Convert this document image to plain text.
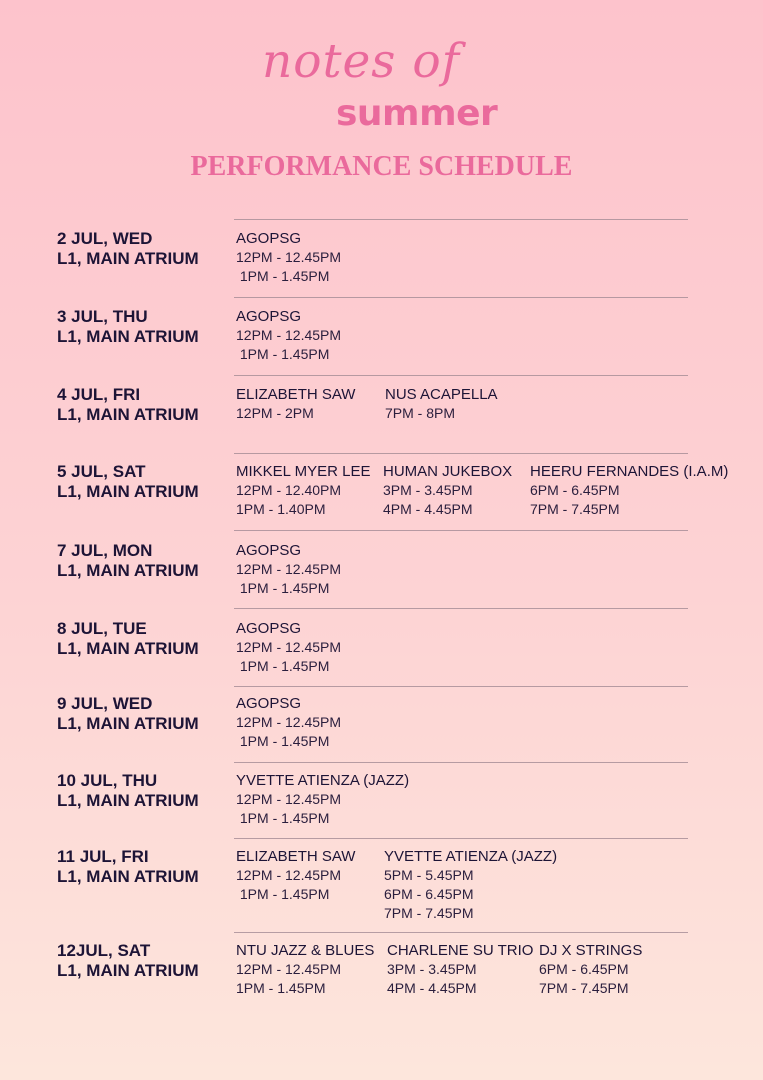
notes of
summer
PERFORMANCE SCHEDULE
2 JUL, WED
L1, MAIN ATRIUM
AGOPSG
12PM - 12.45PM
1PM - 1.45PM
3 JUL, THU
L1, MAIN ATRIUM
AGOPSG
12PM - 12.45PM
1PM - 1.45PM
4 JUL, FRI
L1, MAIN ATRIUM
ELIZABETH SAW
12PM - 2PM
NUS ACAPELLA
7PM - 8PM
5 JUL, SAT
L1, MAIN ATRIUM
MIKKEL MYER LEE
12PM - 12.40PM
1PM - 1.40PM
HUMAN JUKEBOX
3PM - 3.45PM
4PM - 4.45PM
HEERU FERNANDES (I.A.M)
6PM - 6.45PM
7PM - 7.45PM
7 JUL, MON
L1, MAIN ATRIUM
AGOPSG
12PM - 12.45PM
1PM - 1.45PM
8 JUL, TUE
L1, MAIN ATRIUM
AGOPSG
12PM - 12.45PM
1PM - 1.45PM
9 JUL, WED
L1, MAIN ATRIUM
AGOPSG
12PM - 12.45PM
1PM - 1.45PM
10 JUL, THU
L1, MAIN ATRIUM
YVETTE ATIENZA (JAZZ)
12PM - 12.45PM
1PM - 1.45PM
11 JUL, FRI
L1, MAIN ATRIUM
ELIZABETH SAW
12PM - 12.45PM
1PM - 1.45PM
YVETTE ATIENZA (JAZZ)
5PM - 5.45PM
6PM - 6.45PM
7PM - 7.45PM
12JUL, SAT
L1, MAIN ATRIUM
NTU JAZZ & BLUES
12PM - 12.45PM
1PM - 1.45PM
CHARLENE SU TRIO
3PM - 3.45PM
4PM - 4.45PM
DJ X STRINGS
6PM - 6.45PM
7PM - 7.45PM
